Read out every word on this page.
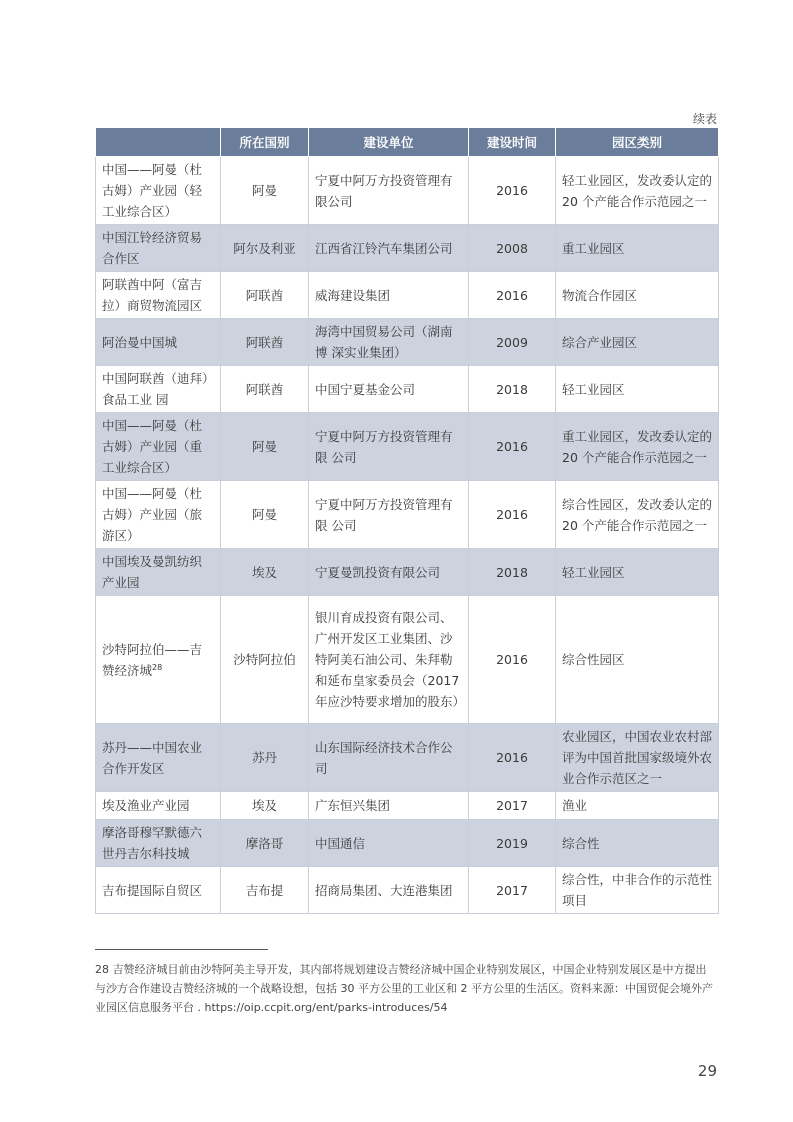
续表
	所在国别	建设单位	建设时间	园区类别
中国——阿曼（杜古姆）产业园（轻工业综合区）	阿曼	宁夏中阿万方投资管理有限公司	2016	轻工业园区，发改委认定的 20 个产能合作示范园之一
中国江铃经济贸易合作区	阿尔及利亚	江西省江铃汽车集团公司	2008	重工业园区
阿联酋中阿（富吉拉）商贸物流园区	阿联酋	威海建设集团	2016	物流合作园区
阿治曼中国城	阿联酋	海湾中国贸易公司（湖南博 深实业集团）	2009	综合产业园区
中国阿联酋（迪拜）食品工业 园	阿联酋	中国宁夏基金公司	2018	轻工业园区
中国——阿曼（杜古姆）产业园（重工业综合区）	阿曼	宁夏中阿万方投资管理有限 公司	2016	重工业园区，发改委认定的 20 个产能合作示范园之一
中国——阿曼（杜古姆）产业园（旅游区）	阿曼	宁夏中阿万方投资管理有限 公司	2016	综合性园区，发改委认定的 20 个产能合作示范园之一
中国埃及曼凯纺织产业园	埃及	宁夏曼凯投资有限公司	2018	轻工业园区
沙特阿拉伯——吉赞经济城$^{28}$	沙特阿拉伯	银川育成投资有限公司、广州开发区工业集团、沙特阿美石油公司、朱拜勒和延布皇家委员会（2017 年应沙特要求增加的股东）	2016	综合性园区
苏丹——中国农业合作开发区	苏丹	山东国际经济技术合作公司	2016	农业园区，中国农业农村部评为中国首批国家级境外农业合作示范区之一
埃及渔业产业园	埃及	广东恒兴集团	2017	渔业
摩洛哥穆罕默德六世丹吉尔科技城	摩洛哥	中国通信	2019	综合性
吉布提国际自贸区	吉布提	招商局集团、大连港集团	2017	综合性，中非合作的示范性项目
28 吉赞经济城目前由沙特阿美主导开发，其内部将规划建设吉赞经济城中国企业特别发展区，中国企业特别发展区是中方提出与沙方合作建设吉赞经济城的一个战略设想，包括 30 平方公里的工业区和 2 平方公里的生活区。资料来源：中国贸促会境外产业园区信息服务平台 . https://oip.ccpit.org/ent/parks-introduces/54
29
